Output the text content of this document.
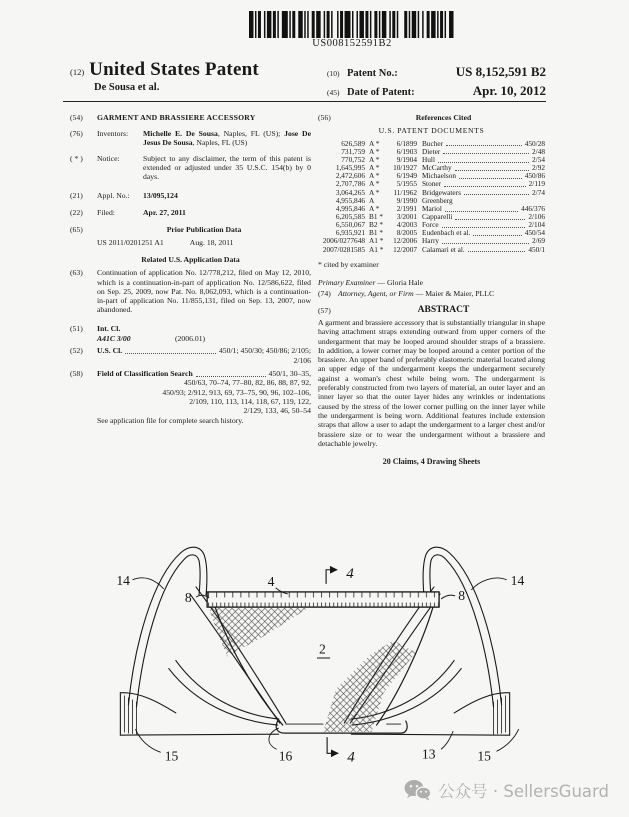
US008152591B2
(12) United States Patent
De Sousa et al.
(10) Patent No.:	US 8,152,591 B2
(45) Date of Patent:	Apr. 10, 2012
(54)	GARMENT AND BRASSIERE ACCESSORY
(76)	Inventors:	Michelle E. De Sousa, Naples, FL (US); Jose De Jesus De Sousa, Naples, FL (US)
( * )	Notice:	Subject to any disclaimer, the term of this patent is extended or adjusted under 35 U.S.C. 154(b) by 0 days.
(21)	Appl. No.:	13/095,124
(22)	Filed:	Apr. 27, 2011
(65)	Prior Publication Data
US 2011/0201251 A1	Aug. 18, 2011
Related U.S. Application Data
(63)	Continuation of application No. 12/778,212, filed on May 12, 2010, which is a continuation-in-part of application No. 12/586,622, filed on Sep. 25, 2009, now Pat. No. 8,062,093, which is a continuation-in-part of application No. 11/855,131, filed on Sep. 13, 2007, now abandoned.
(51)	Int. Cl.
A41C 3/00	(2006.01)
(52)	U.S. Cl.	450/1; 450/30; 450/86; 2/105;
2/106
(58)	Field of Classification Search	450/1, 30–35,
450/63, 70–74, 77–80, 82, 86, 88, 87, 92,
450/93; 2/912, 913, 69, 73–75, 90, 96, 102–106,
2/109, 110, 113, 114, 118, 67, 119, 122,
2/129, 133, 46, 50–54
See application file for complete search history.
(56)	References Cited
U.S. PATENT DOCUMENTS
626,589 A *	6/1899 Bucher	450/28
731,759 A *	6/1903 Dieter	2/48
770,752 A *	9/1904 Hull	2/54
1,645,995 A *	10/1927 McCarthy	2/92
2,472,606 A *	6/1949 Michaelson	450/86
2,707,786 A *	5/1955 Stoner	2/119
3,064,265 A *	11/1962 Bridgewaters	2/74
4,955,846 A	9/1990 Greenberg
4,995,846 A *	2/1991 Mariol	446/376
6,205,585 B1 *	3/2001 Capparelli	2/106
6,550,067 B2 *	4/2003 Force	2/104
6,935,921 B1 *	8/2005 Eudenbach et al.	450/54
2006/0277648 A1 *	12/2006 Harry	2/69
2007/0281585 A1 *	12/2007 Calamari et al.	450/1
* cited by examiner
Primary Examiner — Gloria Hale
(74) Attorney, Agent, or Firm — Maier & Maier, PLLC
(57)	ABSTRACT
A garment and brassiere accessory that is substantially triangular in shape having attachment straps extending outward from upper corners of the undergarment that may be looped around shoulder straps of a brassiere. In addition, a lower corner may be looped around a center portion of the brassiere. An upper band of preferably elastomeric material located along an upper edge of the undergarment keeps the undergarment securely against a woman's chest while being worn. The undergarment is preferably constructed from two layers of material, an outer layer and an inner layer so that the outer layer hides any wrinkles or indentations caused by the stress of the lower corner pulling on the inner layer while the undergarment is being worn. Additional features include extension straps that allow a user to adapt the undergarment to a larger chest and/or brassiere size or to wear the undergarment without a brassiere and detachable jewelry.
20 Claims, 4 Drawing Sheets
14	14
8	8
4	4
4
2
16
15	13	15
公众号 · SellersGuard
